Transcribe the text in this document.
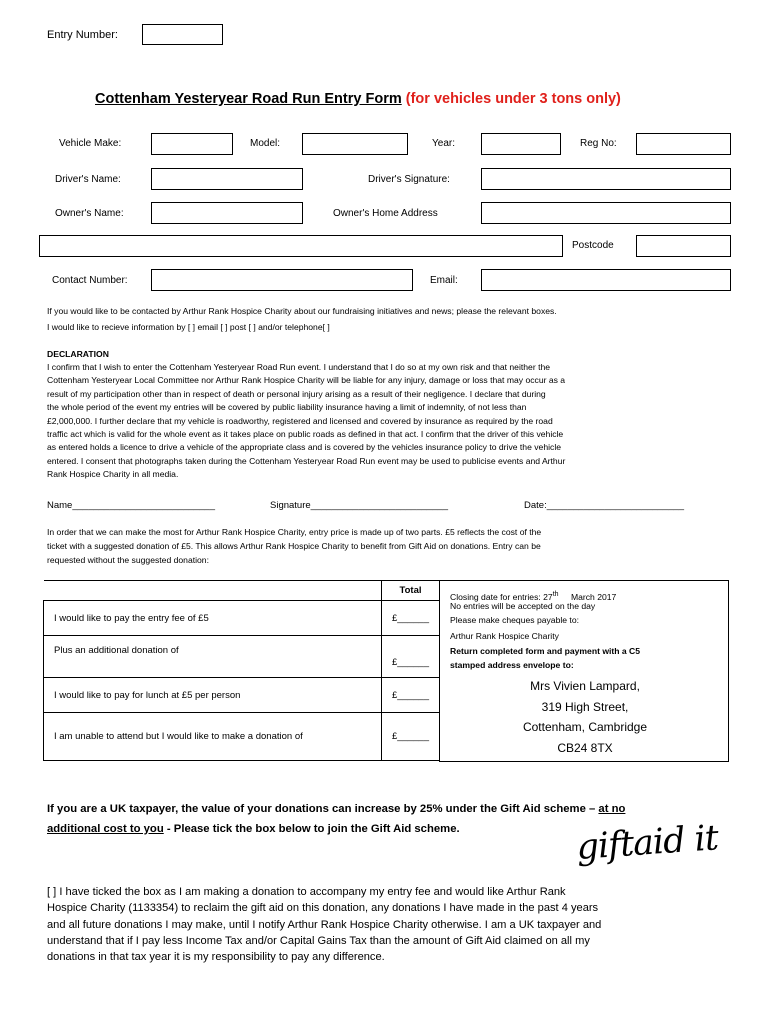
Entry Number:
Cottenham Yesteryear Road Run Entry Form (for vehicles under 3 tons only)
Vehicle Make:	Model:	Year:	Reg No:
Driver's Name:	Driver's Signature:
Owner's Name:	Owner's Home Address
Postcode
Contact Number:	Email:
If you would like to be contacted by Arthur Rank Hospice Charity about our fundraising initiatives and news; please the relevant boxes.
I would like to recieve information by [ ] email [ ] post [ ] and/or telephone[ ]
DECLARATION
I confirm that I wish to enter the Cottenham Yesteryear Road Run event. I understand that I do so at my own risk and that neither the
Cottenham Yesteryear Local Committee nor Arthur Rank Hospice Charity will be liable for any injury, damage or loss that may occur as a
result of my participation other than in respect of death or personal injury arising as a result of their negligence. I declare that during
the whole period of the event my entries will be covered by public liability insurance having a limit of indemnity, of not less than
£2,000,000. I further declare that my vehicle is roadworthy, registered and licensed and covered by insurance as required by the road
traffic act which is valid for the whole event as it takes place on public roads as defined in that act. I confirm that the driver of this vehicle
as entered holds a licence to drive a vehicle of the appropriate class and is covered by the vehicles insurance policy to drive the vehicle
entered. I consent that photographs taken during the Cottenham Yesteryear Road Run event may be used to publicise events and Arthur
Rank Hospice Charity in all media.
Name___________________________	Signature__________________________	Date:__________________________
In order that we can make the most for Arthur Rank Hospice Charity, entry price is made up of two parts. £5 reflects the cost of the
ticket with a suggested donation of £5. This allows Arthur Rank Hospice Charity to benefit from Gift Aid on donations. Entry can be
requested without the suggested donation:
	Total
I would like to pay the entry fee of £5	£______
Plus an additional donation of	£______
I would like to pay for lunch at £5 per person	£______
I am unable to attend but I would like to make a donation of	£______
Closing date for entries: 27th March 2017
No entries will be accepted on the day
Please make cheques payable to:
Arthur Rank Hospice Charity
Return completed form and payment with a C5
stamped address envelope to:
Mrs Vivien Lampard,
319 High Street,
Cottenham, Cambridge
CB24 8TX
If you are a UK taxpayer, the value of your donations can increase by 25% under the Gift Aid scheme – at no
additional cost to you - Please tick the box below to join the Gift Aid scheme.	giftaid it
[ ] I have ticked the box as I am making a donation to accompany my entry fee and would like Arthur Rank
Hospice Charity (1133354) to reclaim the gift aid on this donation, any donations I have made in the past 4 years
and all future donations I may make, until I notify Arthur Rank Hospice Charity otherwise. I am a UK taxpayer and
understand that if I pay less Income Tax and/or Capital Gains Tax than the amount of Gift Aid claimed on all my
donations in that tax year it is my responsibility to pay any difference.
